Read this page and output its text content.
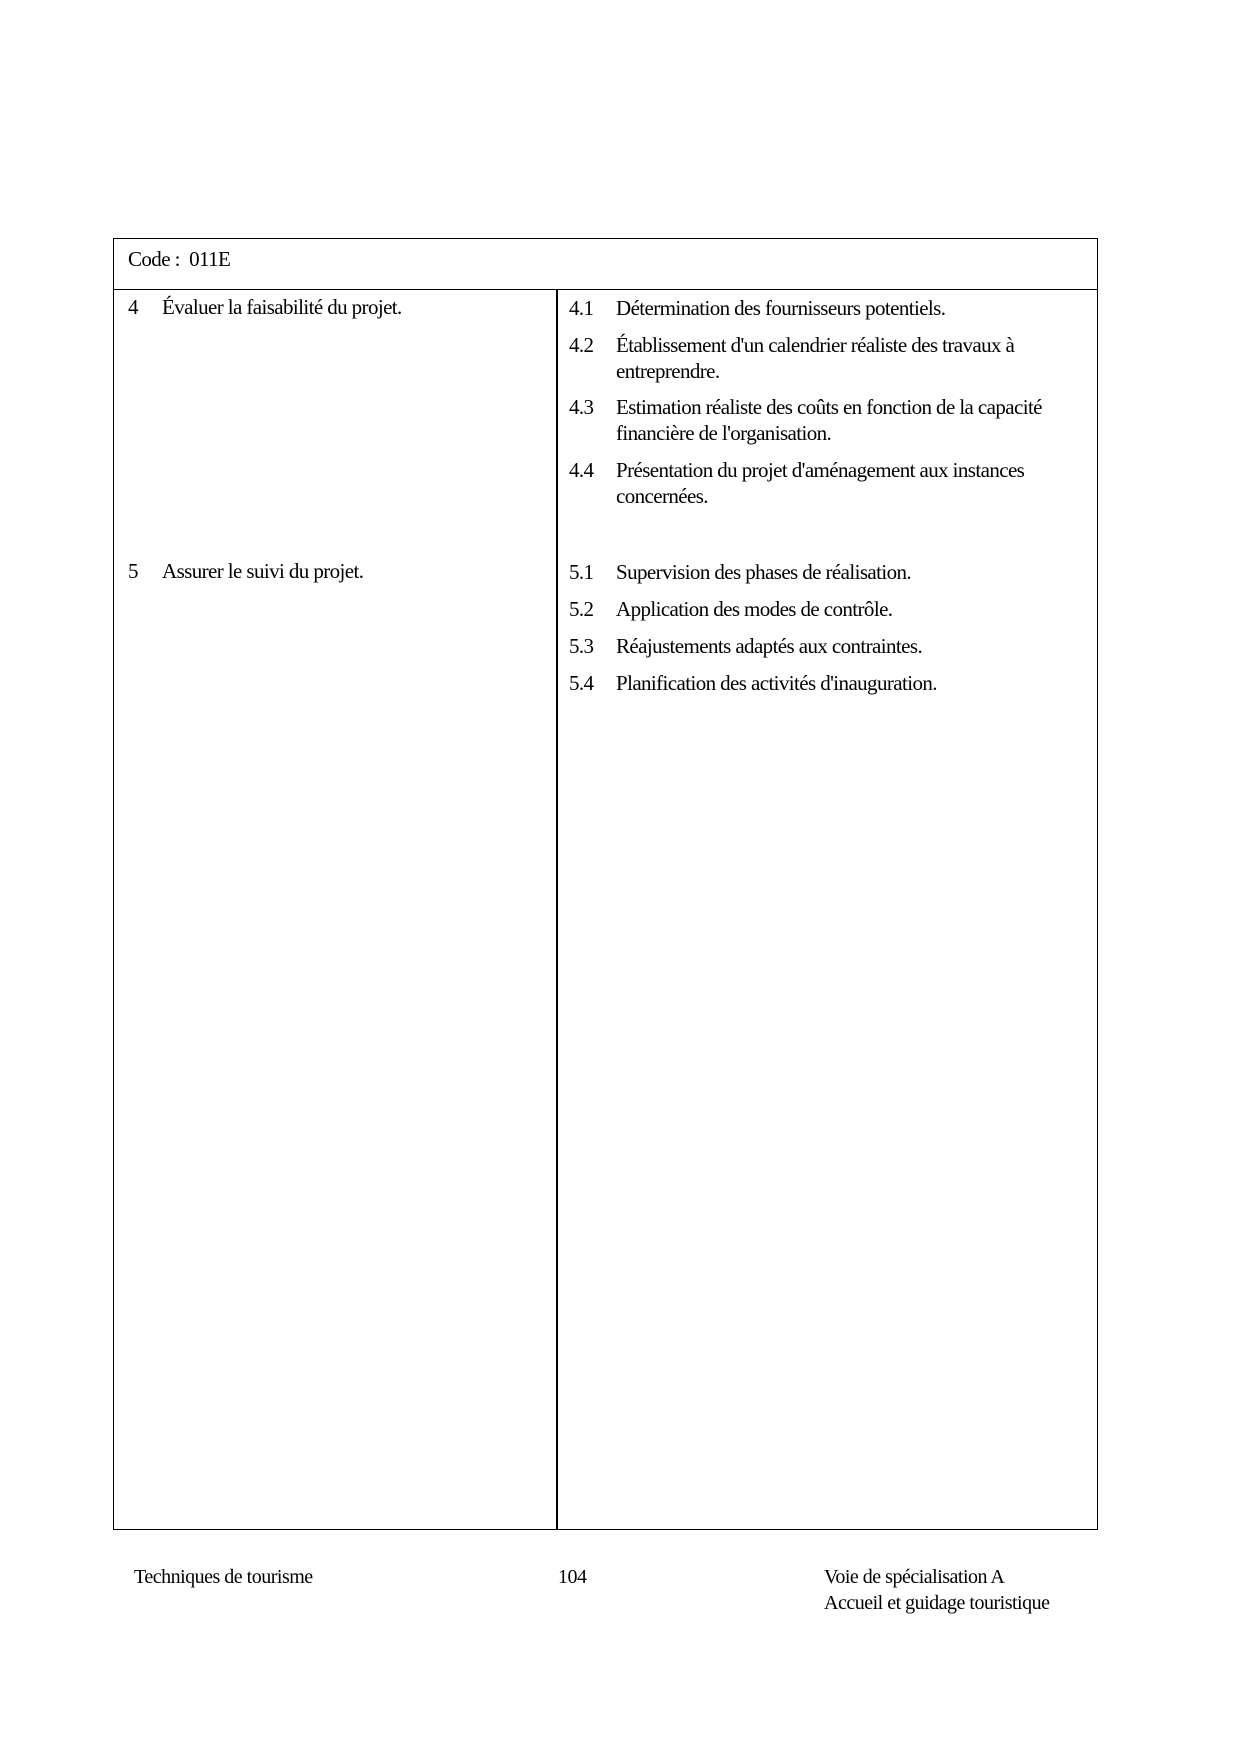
Code :  011E
4 Évaluer la faisabilité du projet.	4.1	Détermination des fournisseurs potentiels.
4.2	Établissement d'un calendrier réaliste des travaux à entreprendre.
4.3	Estimation réaliste des coûts en fonction de la capacité financière de l'organisation.
4.4	Présentation du projet d'aménagement aux instances concernées.
5 Assurer le suivi du projet.	5.1	Supervision des phases de réalisation.
5.2	Application des modes de contrôle.
5.3	Réajustements adaptés aux contraintes.
5.4	Planification des activités d'inauguration.
Techniques de tourisme	104	Voie de spécialisation A
Accueil et guidage touristique
